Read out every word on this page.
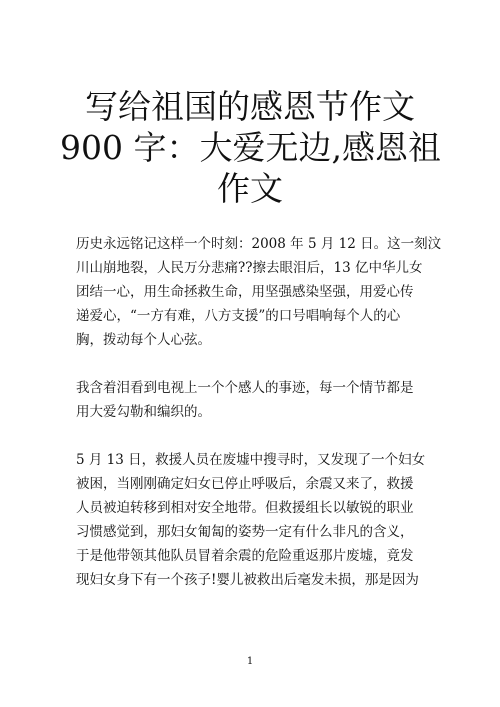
写给祖国的感恩节作文
900 字：大爱无边,感恩祖
作文

历史永远铭记这样一个时刻：2008 年 5 月 12 日。这一刻汶
川山崩地裂，人民万分悲痛??擦去眼泪后，13 亿中华儿女
团结一心，用生命拯救生命，用坚强感染坚强，用爱心传
递爱心，“一方有难，八方支援”的口号唱响每个人的心
胸，拨动每个人心弦。

我含着泪看到电视上一个个感人的事迹，每一个情节都是
用大爱勾勒和编织的。

5 月 13 日，救援人员在废墟中搜寻时，又发现了一个妇女
被困，当刚刚确定妇女已停止呼吸后，余震又来了，救援
人员被迫转移到相对安全地带。但救援组长以敏锐的职业
习惯感觉到，那妇女匍匐的姿势一定有什么非凡的含义，
于是他带领其他队员冒着余震的危险重返那片废墟，竟发
现妇女身下有一个孩子!婴儿被救出后毫发未损，那是因为

1
